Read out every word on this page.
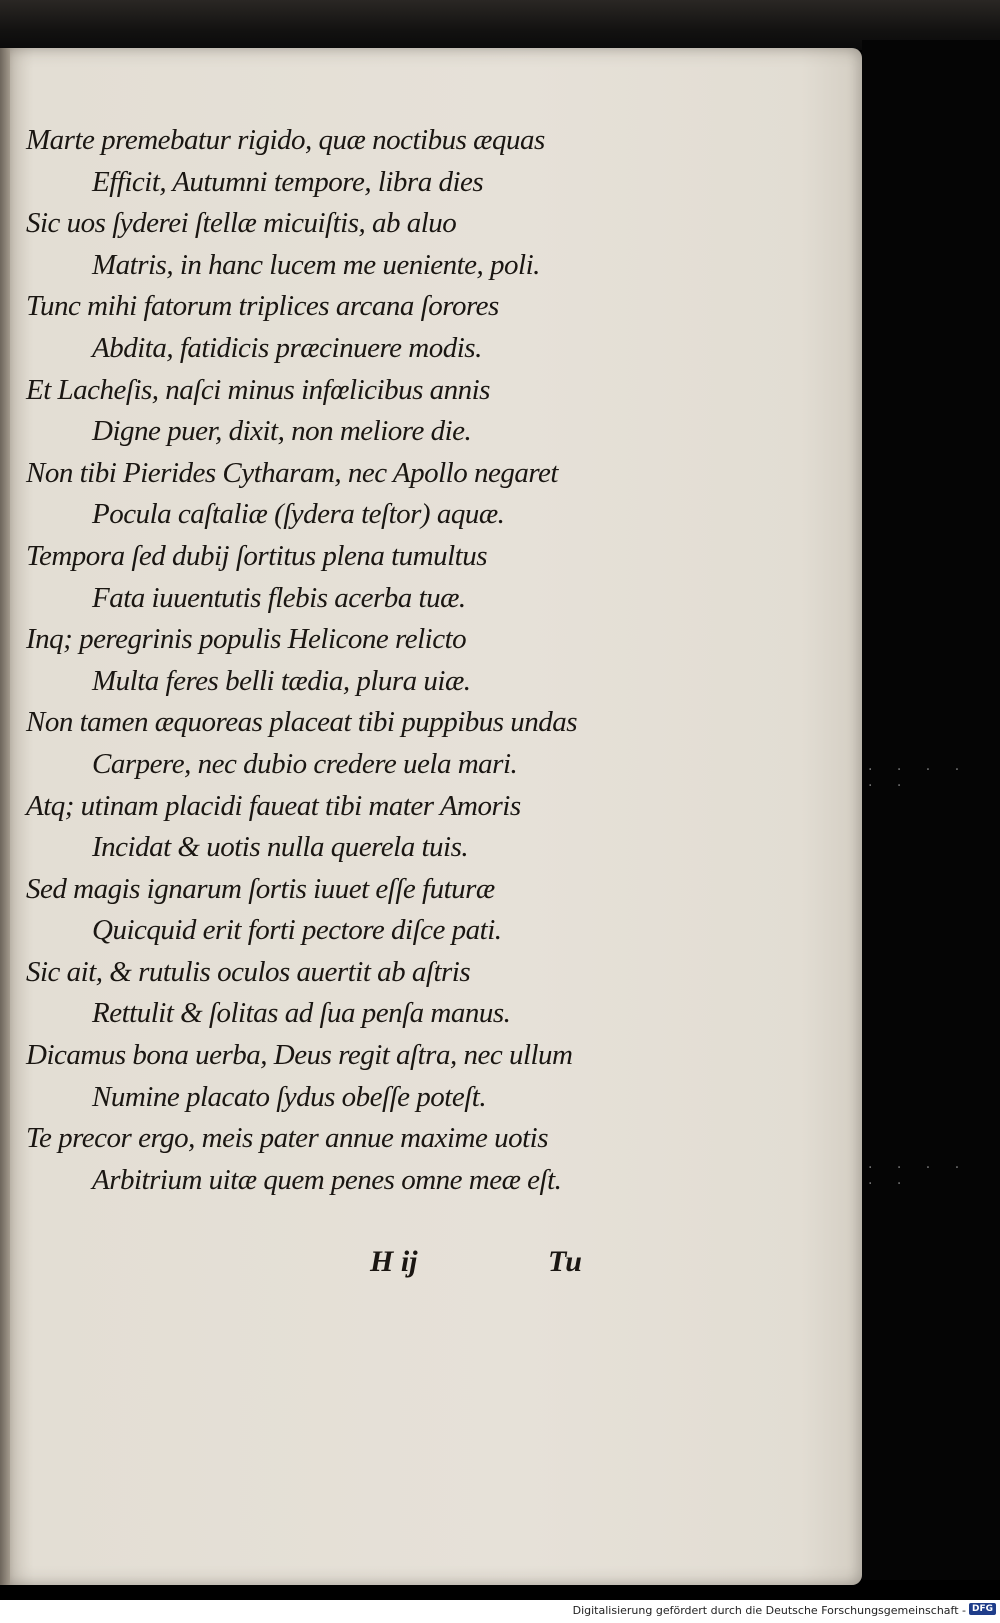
Marte premebatur rigido, quæ noctibus æquas
Efficit, Autumni tempore, libra dies
Sic uos ſyderei ſtellæ micuiſtis, ab aluo
Matris, in hanc lucem me ueniente, poli.
Tunc mihi fatorum triplices arcana ſorores
Abdita, fatidicis præcinuere modis.
Et Lacheſis, naſci minus infœlicibus annis
Digne puer, dixit, non meliore die.
Non tibi Pierides Cytharam, nec Apollo negaret
Pocula caſtaliæ (ſydera teſtor) aquæ.
Tempora ſed dubij ſortitus plena tumultus
Fata iuuentutis flebis acerba tuæ.
Inq; peregrinis populis Helicone relicto
Multa feres belli tædia, plura uiæ.
Non tamen æquoreas placeat tibi puppibus undas
Carpere, nec dubio credere uela mari.
Atq; utinam placidi faueat tibi mater Amoris
Incidat & uotis nulla querela tuis.
Sed magis ignarum ſortis iuuet eſſe futuræ
Quicquid erit forti pectore diſce pati.
Sic ait, & rutulis oculos auertit ab aſtris
Rettulit & ſolitas ad ſua penſa manus.
Dicamus bona uerba, Deus regit aſtra, nec ullum
Numine placato ſydus obeſſe poteſt.
Te precor ergo, meis pater annue maxime uotis
Arbitrium uitæ quem penes omne meæ eſt.
H ij	Tu
· · · · · ·
· · · · · ·
Digitalisierung gefördert durch die Deutsche Forschungsgemeinschaft - DFG
